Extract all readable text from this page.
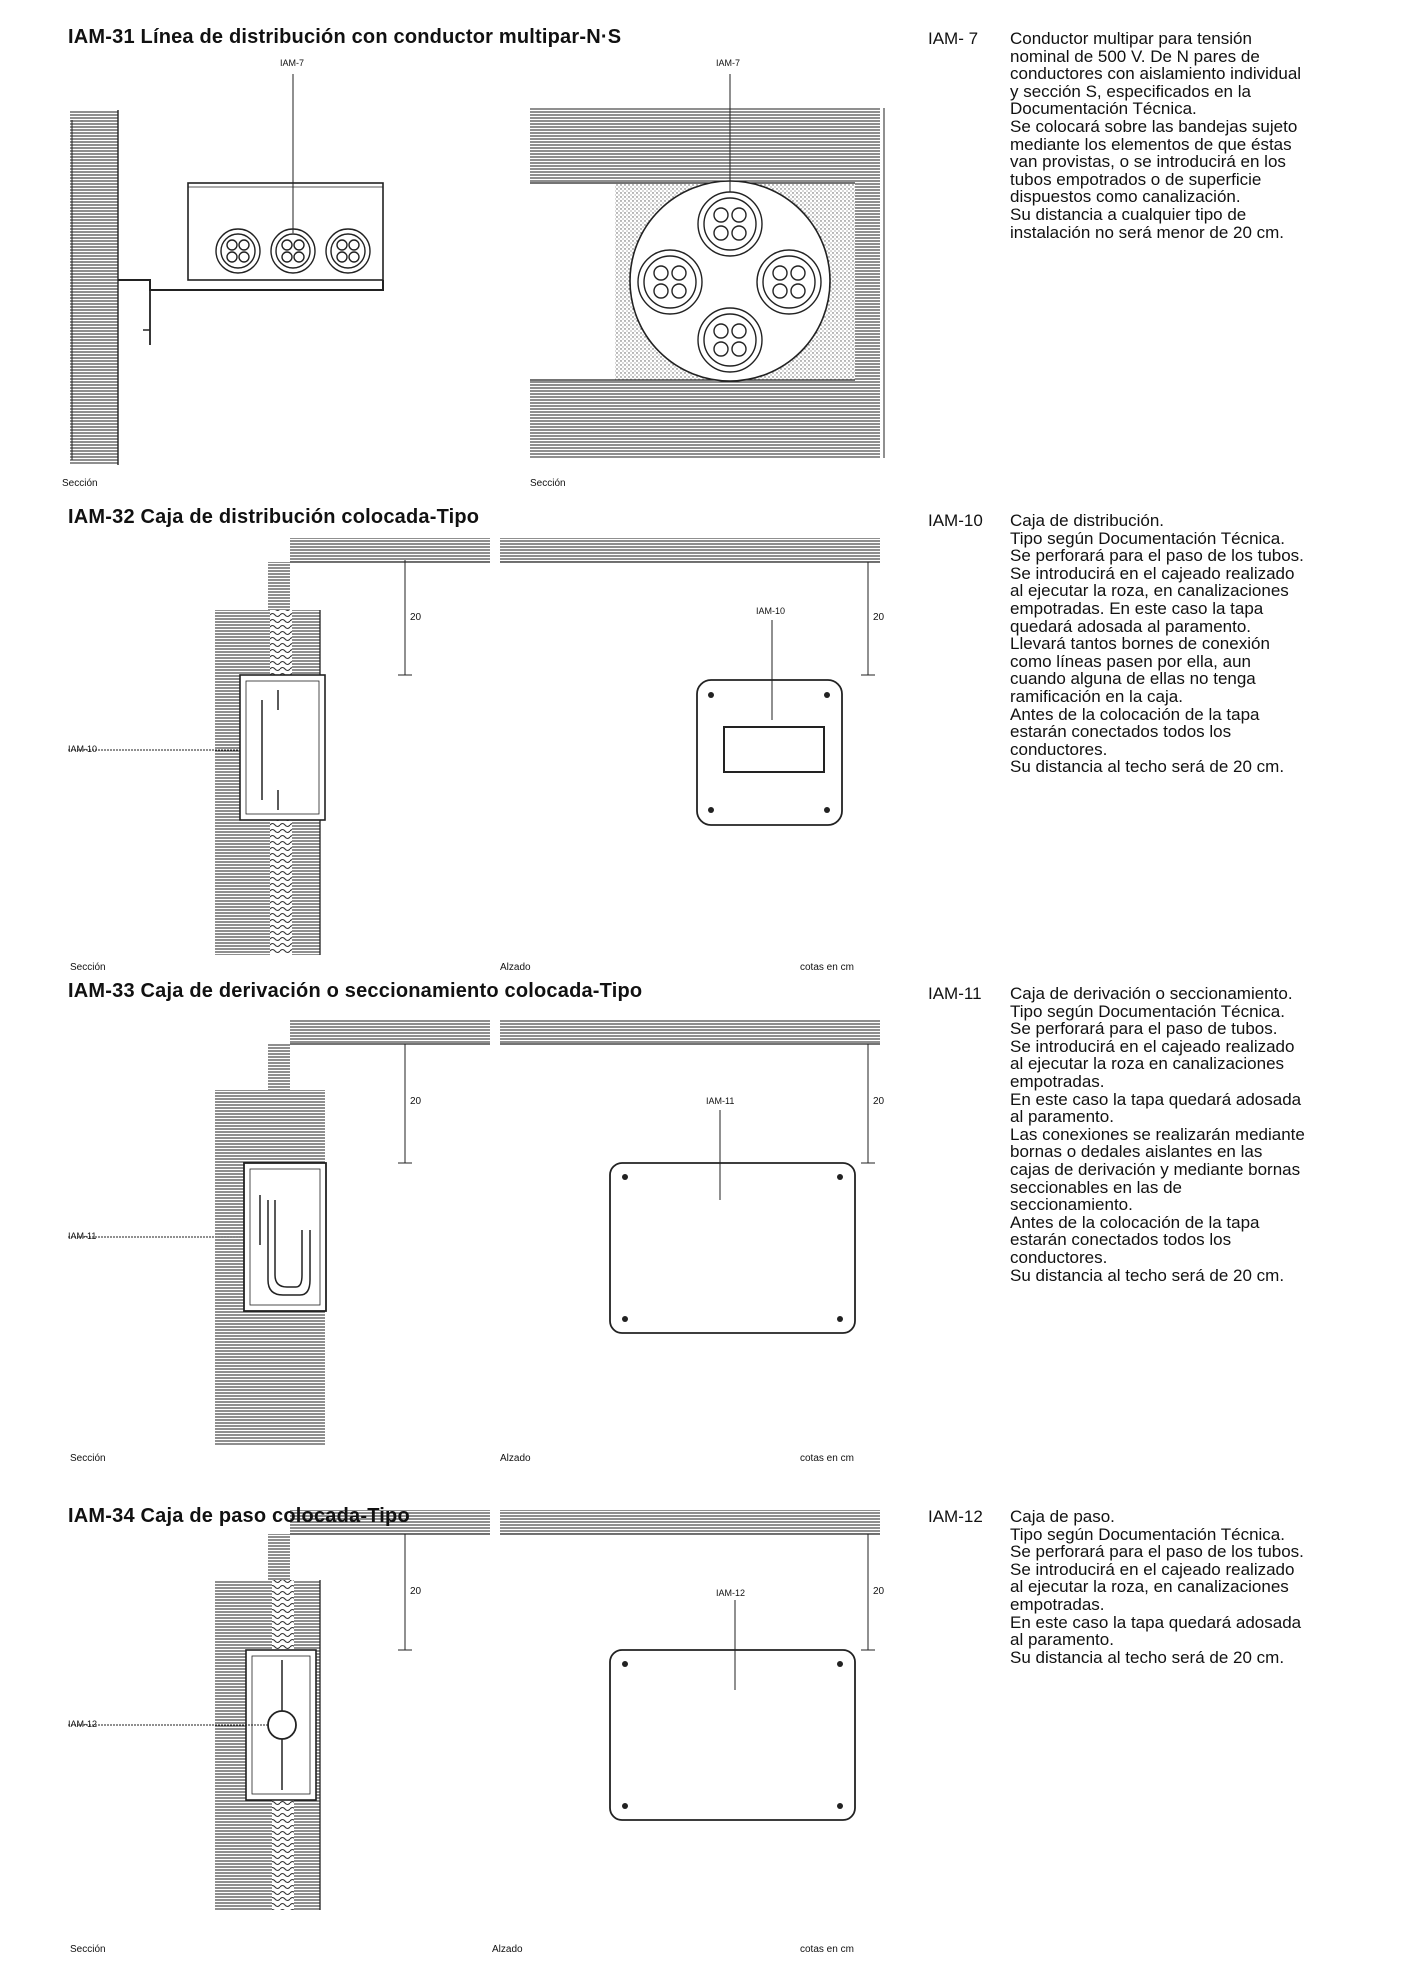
IAM-31 Línea de distribución con conductor multipar-N·S
IAM-32 Caja de distribución colocada-Tipo
IAM-33 Caja de derivación o seccionamiento colocada-Tipo
IAM-34 Caja de paso colocada-Tipo
IAM-7	IAM-7
IAM-10
IAM-10
IAM-11
IAM-11
IAM-12
IAM-12
20	20
20	20
20	20
Sección	Sección
Sección	Alzado	cotas en cm
Sección	Alzado	cotas en cm
Sección	Alzado	cotas en cm
IAM- 7 Conductor multipar para tensión nominal de 500 V. De N pares de conductores con aislamiento individual y sección S, especificados en la Documentación Técnica.
Se colocará sobre las bandejas sujeto mediante los elementos de que éstas van provistas, o se introducirá en los tubos empotrados o de superficie dispuestos como canalización.
Su distancia a cualquier tipo de instalación no será menor de 20 cm.
IAM-10 Caja de distribución.
Tipo según Documentación Técnica.
Se perforará para el paso de los tubos.
Se introducirá en el cajeado realizado al ejecutar la roza, en canalizaciones empotradas. En este caso la tapa quedará adosada al paramento.
Llevará tantos bornes de conexión como líneas pasen por ella, aun cuando alguna de ellas no tenga ramificación en la caja.
Antes de la colocación de la tapa estarán conectados todos los conductores.
Su distancia al techo será de 20 cm.
IAM-11 Caja de derivación o seccionamiento.
Tipo según Documentación Técnica.
Se perforará para el paso de tubos.
Se introducirá en el cajeado realizado al ejecutar la roza en canalizaciones empotradas.
En este caso la tapa quedará adosada al paramento.
Las conexiones se realizarán mediante bornas o dedales aislantes en las cajas de derivación y mediante bornas seccionables en las de seccionamiento.
Antes de la colocación de la tapa estarán conectados todos los conductores.
Su distancia al techo será de 20 cm.
IAM-12 Caja de paso.
Tipo según Documentación Técnica.
Se perforará para el paso de los tubos.
Se introducirá en el cajeado realizado al ejecutar la roza, en canalizaciones empotradas.
En este caso la tapa quedará adosada al paramento.
Su distancia al techo será de 20 cm.
